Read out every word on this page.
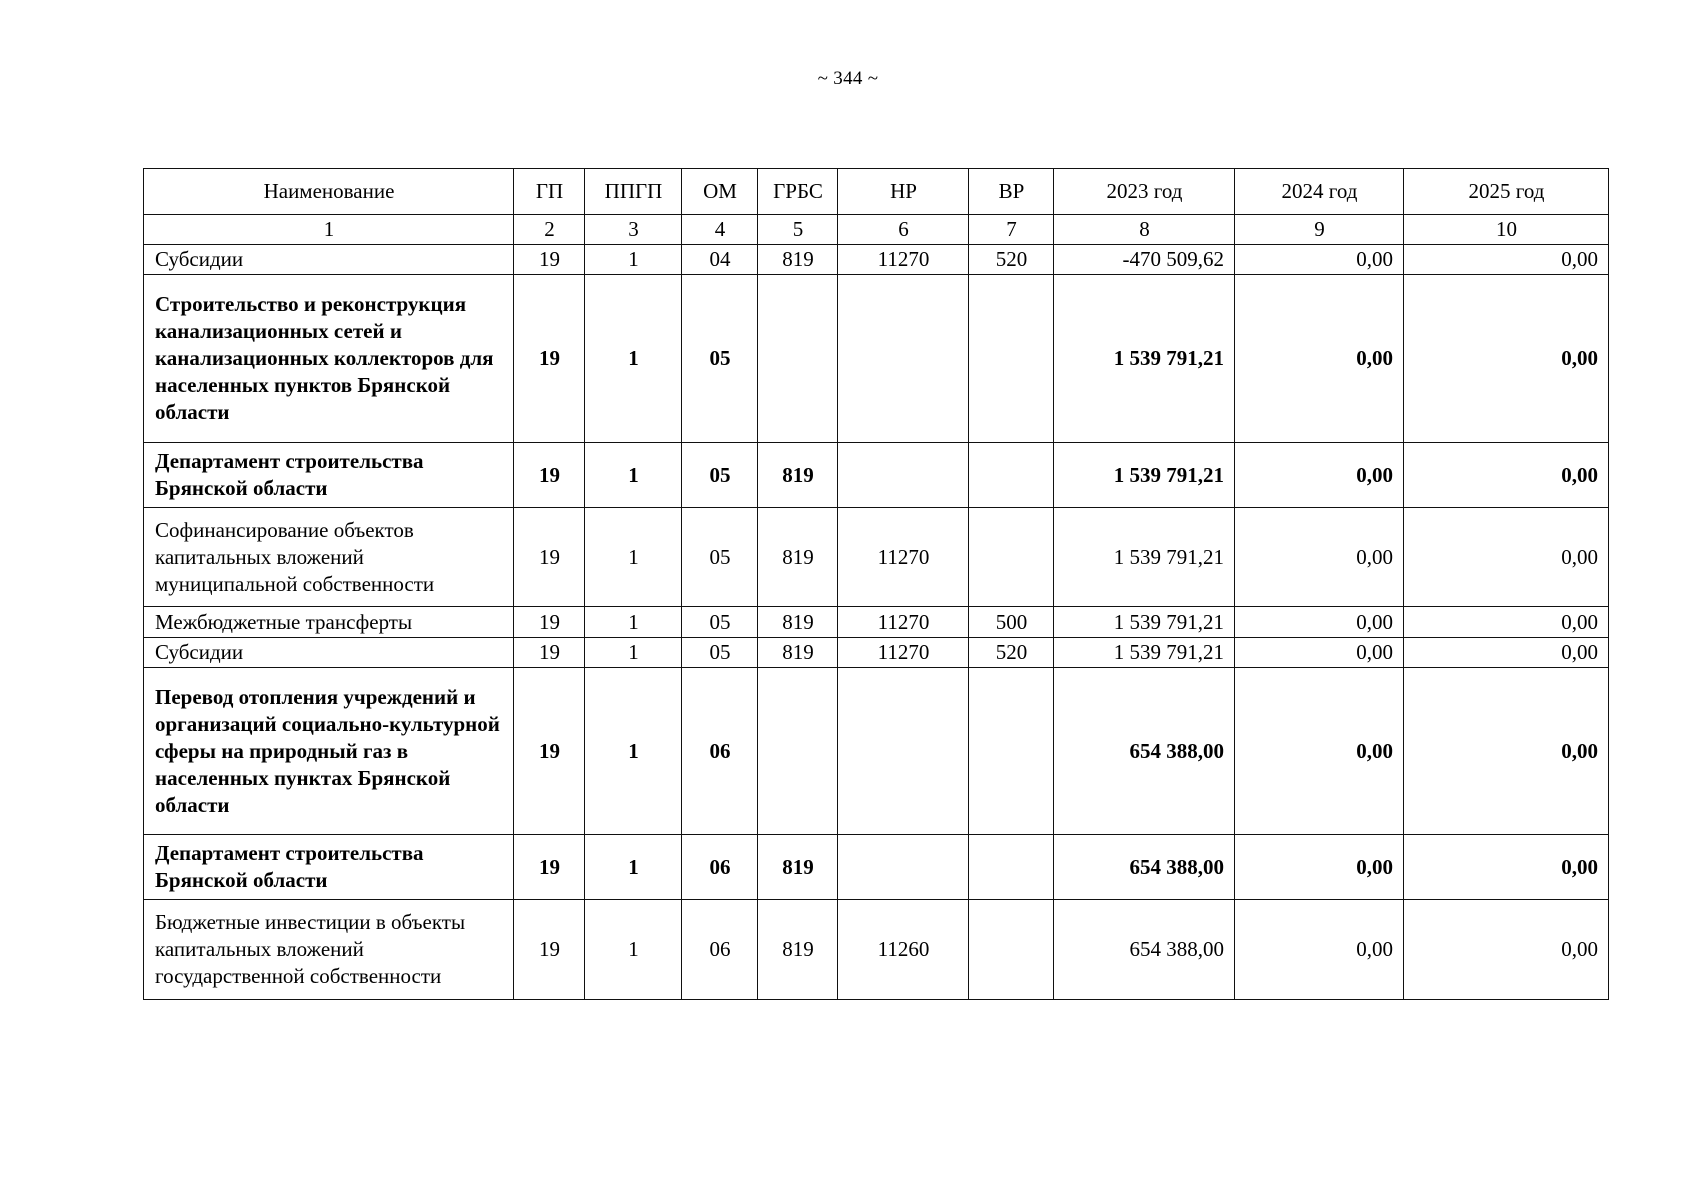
~ 344 ~
Наименование	ГП	ППГП	ОМ	ГРБС	НР	ВР	2023 год	2024 год	2025 год
1	2	3	4	5	6	7	8	9	10
Субсидии	19	1	04	819	11270	520	-470 509,62	0,00	0,00
Строительство и реконструкция канализационных сетей и канализационных коллекторов для населенных пунктов Брянской области	19	1	05				1 539 791,21	0,00	0,00
Департамент строительства Брянской области	19	1	05	819			1 539 791,21	0,00	0,00
Софинансирование объектов капитальных вложений муниципальной собственности	19	1	05	819	11270		1 539 791,21	0,00	0,00
Межбюджетные трансферты	19	1	05	819	11270	500	1 539 791,21	0,00	0,00
Субсидии	19	1	05	819	11270	520	1 539 791,21	0,00	0,00
Перевод отопления учреждений и организаций социально-культурной сферы на природный газ в населенных пунктах Брянской области	19	1	06				654 388,00	0,00	0,00
Департамент строительства Брянской области	19	1	06	819			654 388,00	0,00	0,00
Бюджетные инвестиции в объекты капитальных вложений государственной собственности	19	1	06	819	11260		654 388,00	0,00	0,00
